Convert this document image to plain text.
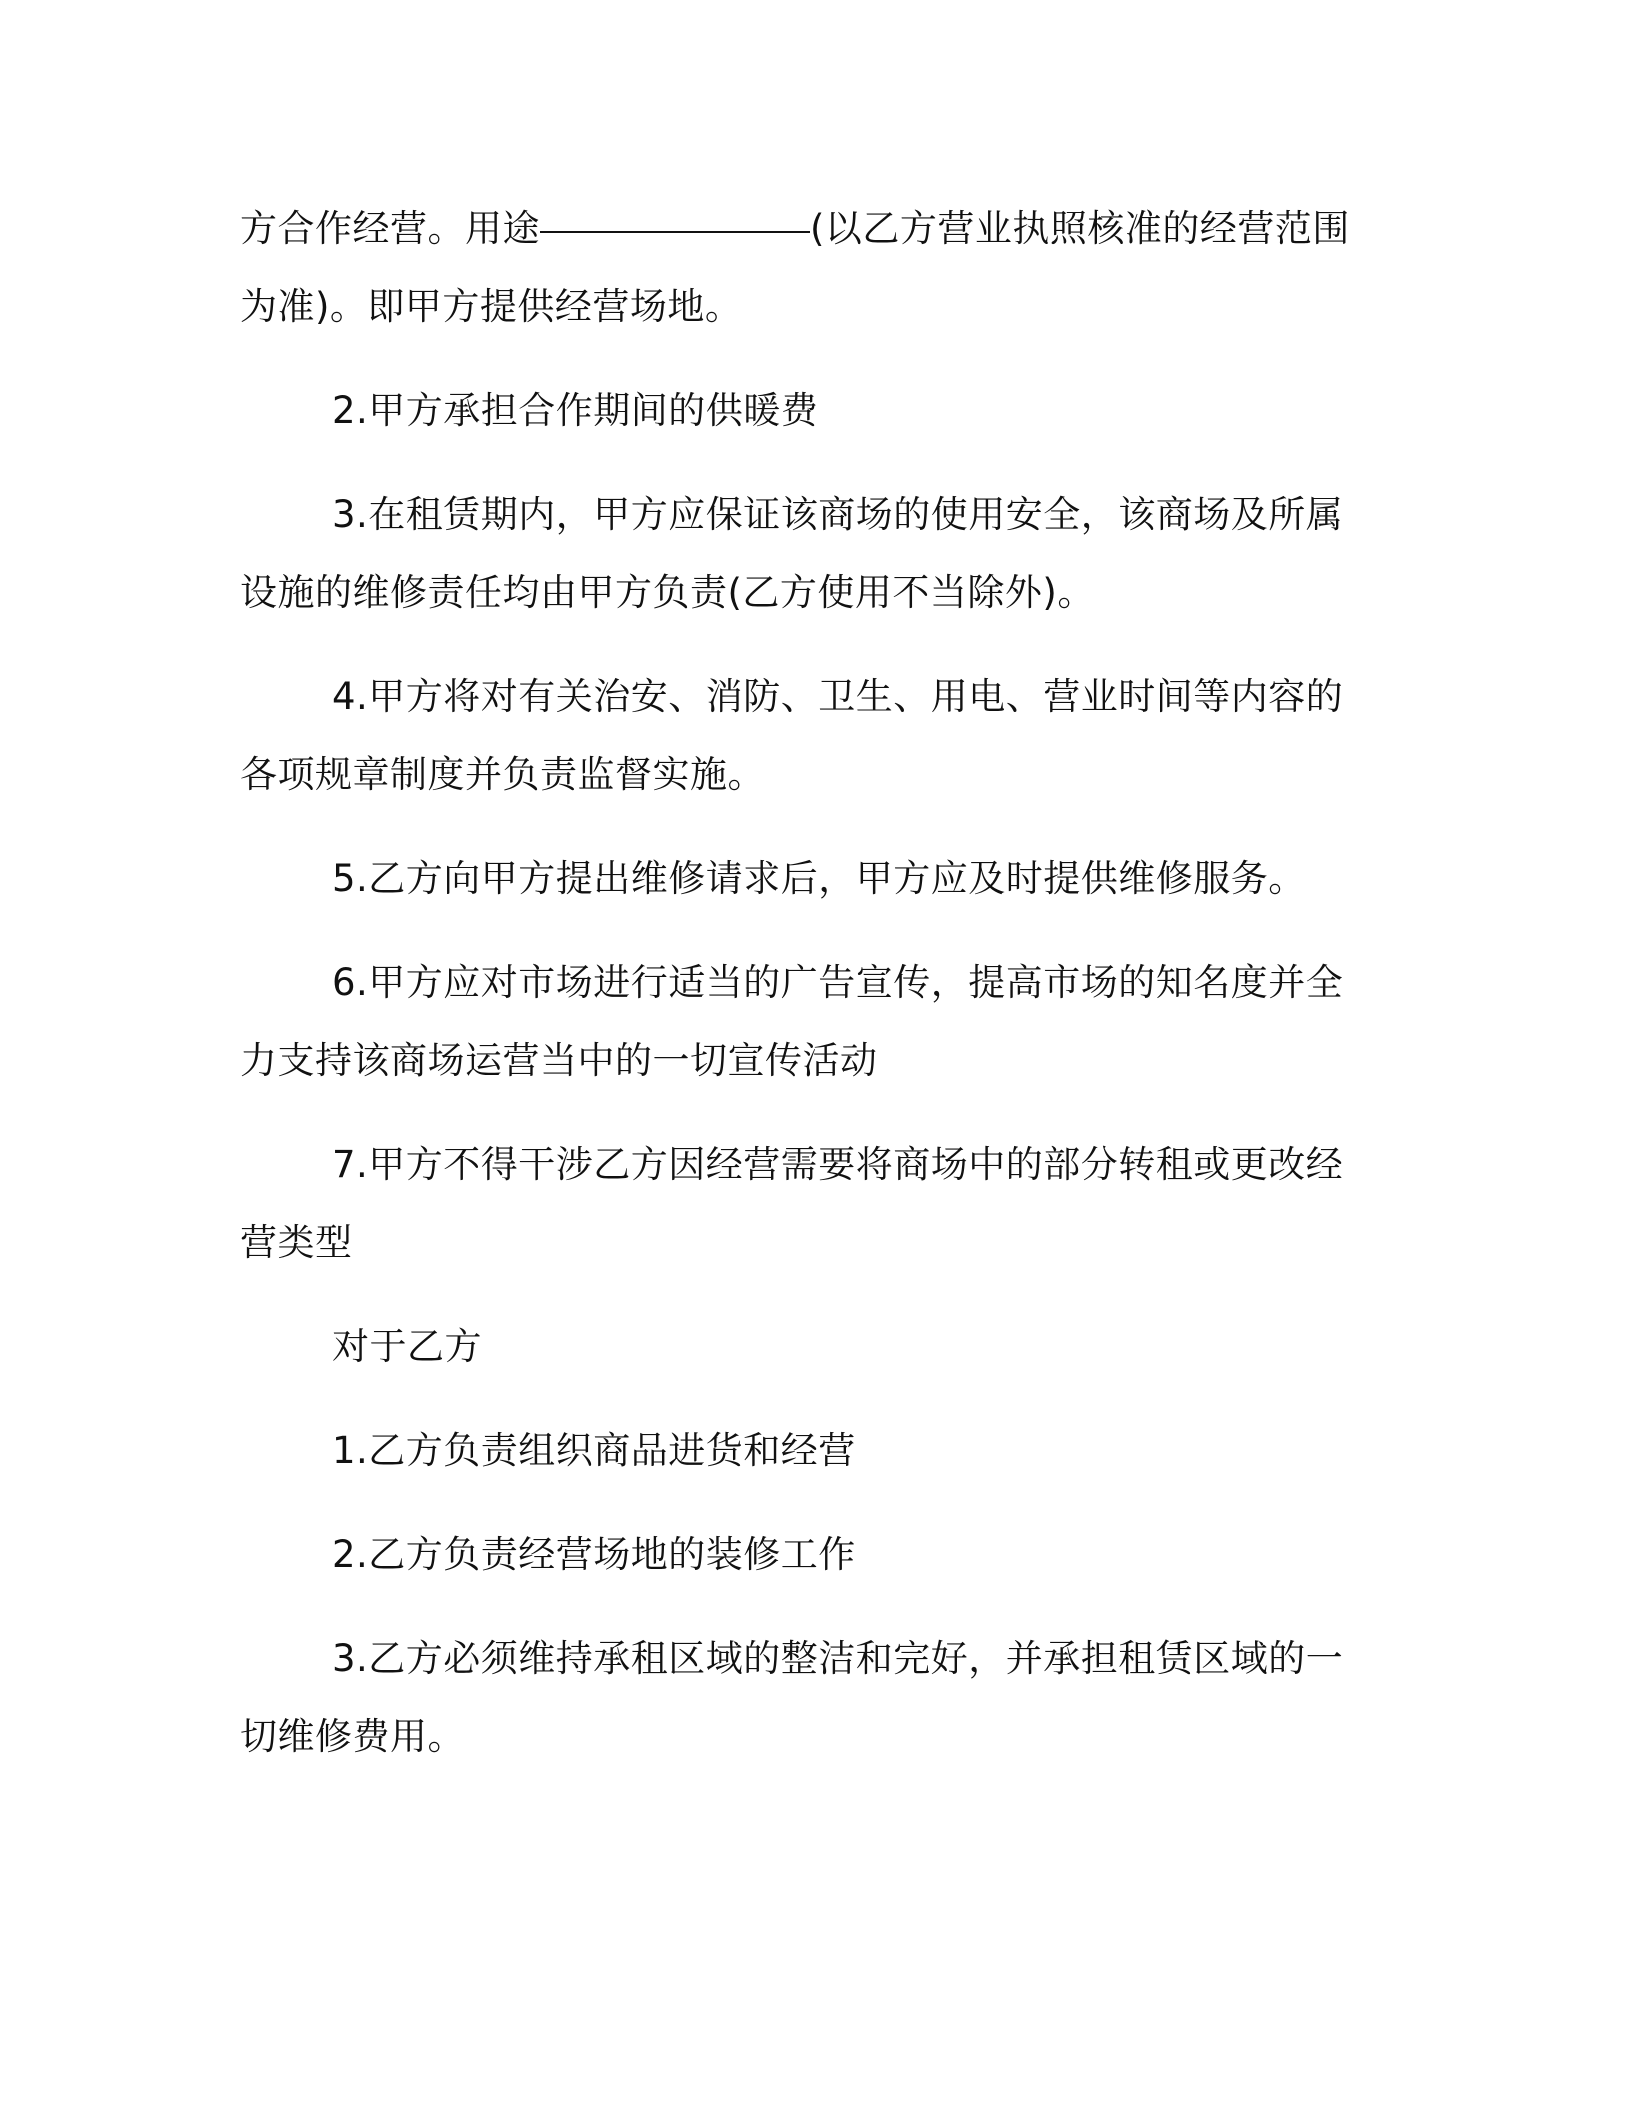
方合作经营。用途	(以乙方营业执照核准的经营范围为准)。即甲方提供经营场地。

2.甲方承担合作期间的供暖费

3.在租赁期内，甲方应保证该商场的使用安全，该商场及所属设施的维修责任均由甲方负责(乙方使用不当除外)。

4.甲方将对有关治安、消防、卫生、用电、营业时间等内容的各项规章制度并负责监督实施。

5.乙方向甲方提出维修请求后，甲方应及时提供维修服务。

6.甲方应对市场进行适当的广告宣传，提高市场的知名度并全力支持该商场运营当中的一切宣传活动

7.甲方不得干涉乙方因经营需要将商场中的部分转租或更改经营类型

对于乙方

1.乙方负责组织商品进货和经营

2.乙方负责经营场地的装修工作

3.乙方必须维持承租区域的整洁和完好，并承担租赁区域的一切维修费用。
